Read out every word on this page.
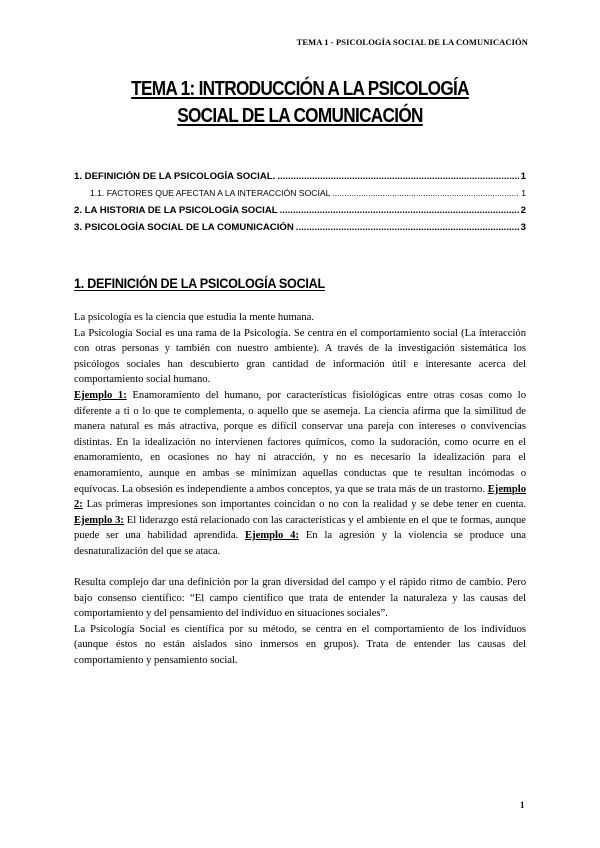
TEMA 1 - PSICOLOGÍA SOCIAL DE LA COMUNICACIÓN
TEMA 1: INTRODUCCIÓN A LA PSICOLOGÍA
SOCIAL DE LA COMUNICACIÓN
1. DEFINICIÓN DE LA PSICOLOGÍA SOCIAL. .....	1
1.1. FACTORES QUE AFECTAN A LA INTERACCIÓN SOCIAL .....	1
2. LA HISTORIA DE LA PSICOLOGÍA SOCIAL .....	2
3. PSICOLOGÍA SOCIAL DE LA COMUNICACIÓN .....	3
1. DEFINICIÓN DE LA PSICOLOGÍA SOCIAL

La psicología es la ciencia que estudia la mente humana.

La Psicología Social es una rama de la Psicología. Se centra en el comportamiento social (La interacción con otras personas y también con nuestro ambiente). A través de la investigación sistemática los psicólogos sociales han descubierto gran cantidad de información útil e interesante acerca del comportamiento social humano.

Ejemplo 1: Enamoramiento del humano, por características fisiológicas entre otras cosas como lo diferente a ti o lo que te complementa, o aquello que se asemeja. La ciencia afirma que la similitud de manera natural es más atractiva, porque es difícil conservar una pareja con intereses o convivencias distintas. En la idealización no intervienen factores químicos, como la sudoración, como ocurre en el enamoramiento, en ocasiones no hay ni atracción, y no es necesario la idealización para el enamoramiento, aunque en ambas se minimizan aquellas conductas que te resultan incómodas o equívocas. La obsesión es independiente a ambos conceptos, ya que se trata más de un trastorno. Ejemplo 2: Las primeras impresiones son importantes coincidan o no con la realidad y se debe tener en cuenta. Ejemplo 3: El liderazgo está relacionado con las características y el ambiente en el que te formas, aunque puede ser una habilidad aprendida. Ejemplo 4: En la agresión y la violencia se produce una desnaturalización del que se ataca.

Resulta complejo dar una definición por la gran diversidad del campo y el rápido ritmo de cambio. Pero bajo consenso científico: “El campo científico que trata de entender la naturaleza y las causas del comportamiento y del pensamiento del individuo en situaciones sociales”.

La Psicología Social es científica por su método, se centra en el comportamiento de los individuos (aunque éstos no están aislados sino inmersos en grupos). Trata de entender las causas del comportamiento y pensamiento social.

1
